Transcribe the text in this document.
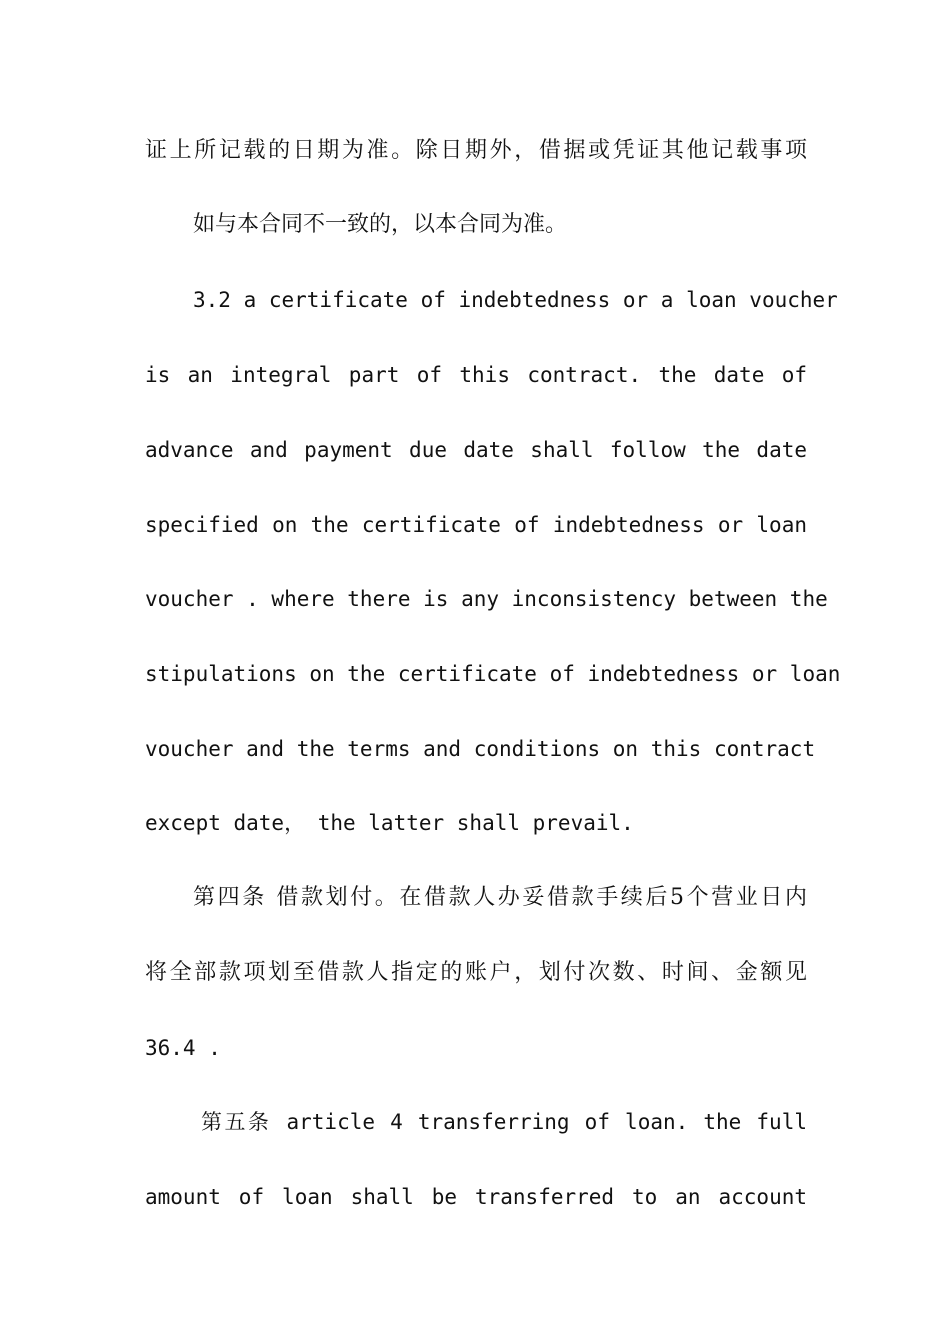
证上所记载的日期为准。除日期外，借据或凭证其他记载事项
如与本合同不一致的，以本合同为准。
3.2 a certificate of indebtedness or a loan voucher
is an integral part of this contract. the date of
advance and payment due date shall follow the date
specified on the certificate of indebtedness or loan
voucher . where there is any inconsistency between the
stipulations on the certificate of indebtedness or loan
voucher and the terms and conditions on this contract
except date， the latter shall prevail.
第四条 借款划付。在借款人办妥借款手续后5个营业日内
将全部款项划至借款人指定的账户，划付次数、时间、金额见
36.4 .
第五条 article 4 transferring of loan. the full
amount of loan shall be transferred to an account
